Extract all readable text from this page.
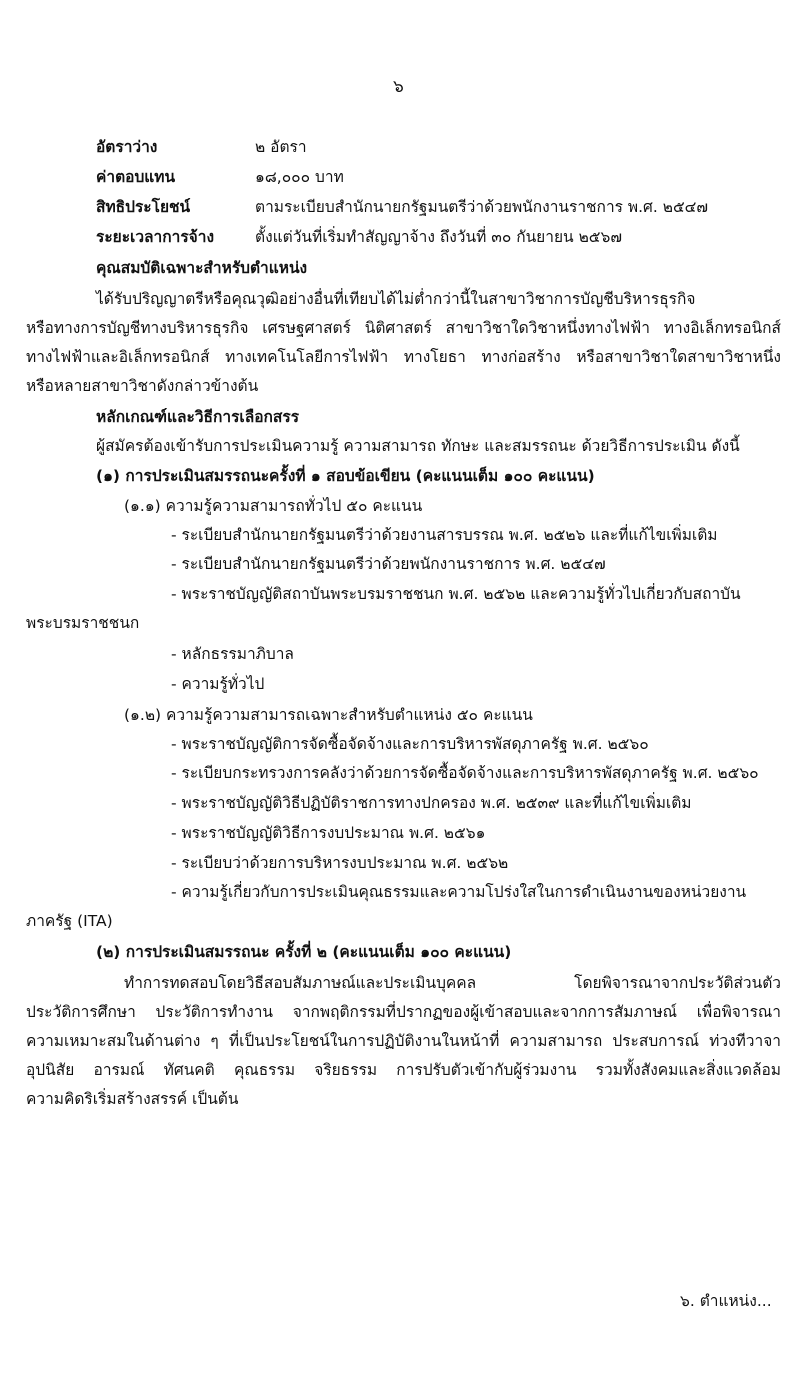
๖
อัตราว่าง	๒ อัตรา
ค่าตอบแทน	๑๘,๐๐๐ บาท
สิทธิประโยชน์	ตามระเบียบสำนักนายกรัฐมนตรีว่าด้วยพนักงานราชการ พ.ศ. ๒๕๔๗
ระยะเวลาการจ้าง	ตั้งแต่วันที่เริ่มทำสัญญาจ้าง ถึงวันที่ ๓๐ กันยายน ๒๕๖๗
คุณสมบัติเฉพาะสำหรับตำแหน่ง
ได้รับปริญญาตรีหรือคุณวุฒิอย่างอื่นที่เทียบได้ไม่ต่ำกว่านี้ในสาขาวิชาการบัญชีบริหารธุรกิจ
หรือทางการบัญชีทางบริหารธุรกิจ เศรษฐศาสตร์ นิติศาสตร์ สาขาวิชาใดวิชาหนึ่งทางไฟฟ้า ทางอิเล็กทรอนิกส์
ทางไฟฟ้าและอิเล็กทรอนิกส์ ทางเทคโนโลยีการไฟฟ้า ทางโยธา ทางก่อสร้าง หรือสาขาวิชาใดสาขาวิชาหนึ่ง
หรือหลายสาขาวิชาดังกล่าวข้างต้น
หลักเกณฑ์และวิธีการเลือกสรร
ผู้สมัครต้องเข้ารับการประเมินความรู้ ความสามารถ ทักษะ และสมรรถนะ ด้วยวิธีการประเมิน ดังนี้
(๑) การประเมินสมรรถนะครั้งที่ ๑ สอบข้อเขียน (คะแนนเต็ม ๑๐๐ คะแนน)
(๑.๑) ความรู้ความสามารถทั่วไป ๕๐ คะแนน
- ระเบียบสำนักนายกรัฐมนตรีว่าด้วยงานสารบรรณ พ.ศ. ๒๕๒๖ และที่แก้ไขเพิ่มเติม
- ระเบียบสำนักนายกรัฐมนตรีว่าด้วยพนักงานราชการ พ.ศ. ๒๕๔๗
- พระราชบัญญัติสถาบันพระบรมราชชนก พ.ศ. ๒๕๖๒ และความรู้ทั่วไปเกี่ยวกับสถาบัน
พระบรมราชชนก
- หลักธรรมาภิบาล
- ความรู้ทั่วไป
(๑.๒) ความรู้ความสามารถเฉพาะสำหรับตำแหน่ง ๕๐ คะแนน
- พระราชบัญญัติการจัดซื้อจัดจ้างและการบริหารพัสดุภาครัฐ พ.ศ. ๒๕๖๐
- ระเบียบกระทรวงการคลังว่าด้วยการจัดซื้อจัดจ้างและการบริหารพัสดุภาครัฐ พ.ศ. ๒๕๖๐
- พระราชบัญญัติวิธีปฏิบัติราชการทางปกครอง พ.ศ. ๒๕๓๙ และที่แก้ไขเพิ่มเติม
- พระราชบัญญัติวิธีการงบประมาณ พ.ศ. ๒๕๖๑
- ระเบียบว่าด้วยการบริหารงบประมาณ พ.ศ. ๒๕๖๒
- ความรู้เกี่ยวกับการประเมินคุณธรรมและความโปร่งใสในการดำเนินงานของหน่วยงาน
ภาครัฐ (ITA)
(๒) การประเมินสมรรถนะ ครั้งที่ ๒ (คะแนนเต็ม ๑๐๐ คะแนน)
ทำการทดสอบโดยวิธีสอบสัมภาษณ์และประเมินบุคคล โดยพิจารณาจากประวัติส่วนตัว
ประวัติการศึกษา ประวัติการทำงาน จากพฤติกรรมที่ปรากฏของผู้เข้าสอบและจากการสัมภาษณ์ เพื่อพิจารณา
ความเหมาะสมในด้านต่าง ๆ ที่เป็นประโยชน์ในการปฏิบัติงานในหน้าที่ ความสามารถ ประสบการณ์ ท่วงทีวาจา
อุปนิสัย อารมณ์ ทัศนคติ คุณธรรม จริยธรรม การปรับตัวเข้ากับผู้ร่วมงาน รวมทั้งสังคมและสิ่งแวดล้อม
ความคิดริเริ่มสร้างสรรค์ เป็นต้น
๖. ตำแหน่ง...
